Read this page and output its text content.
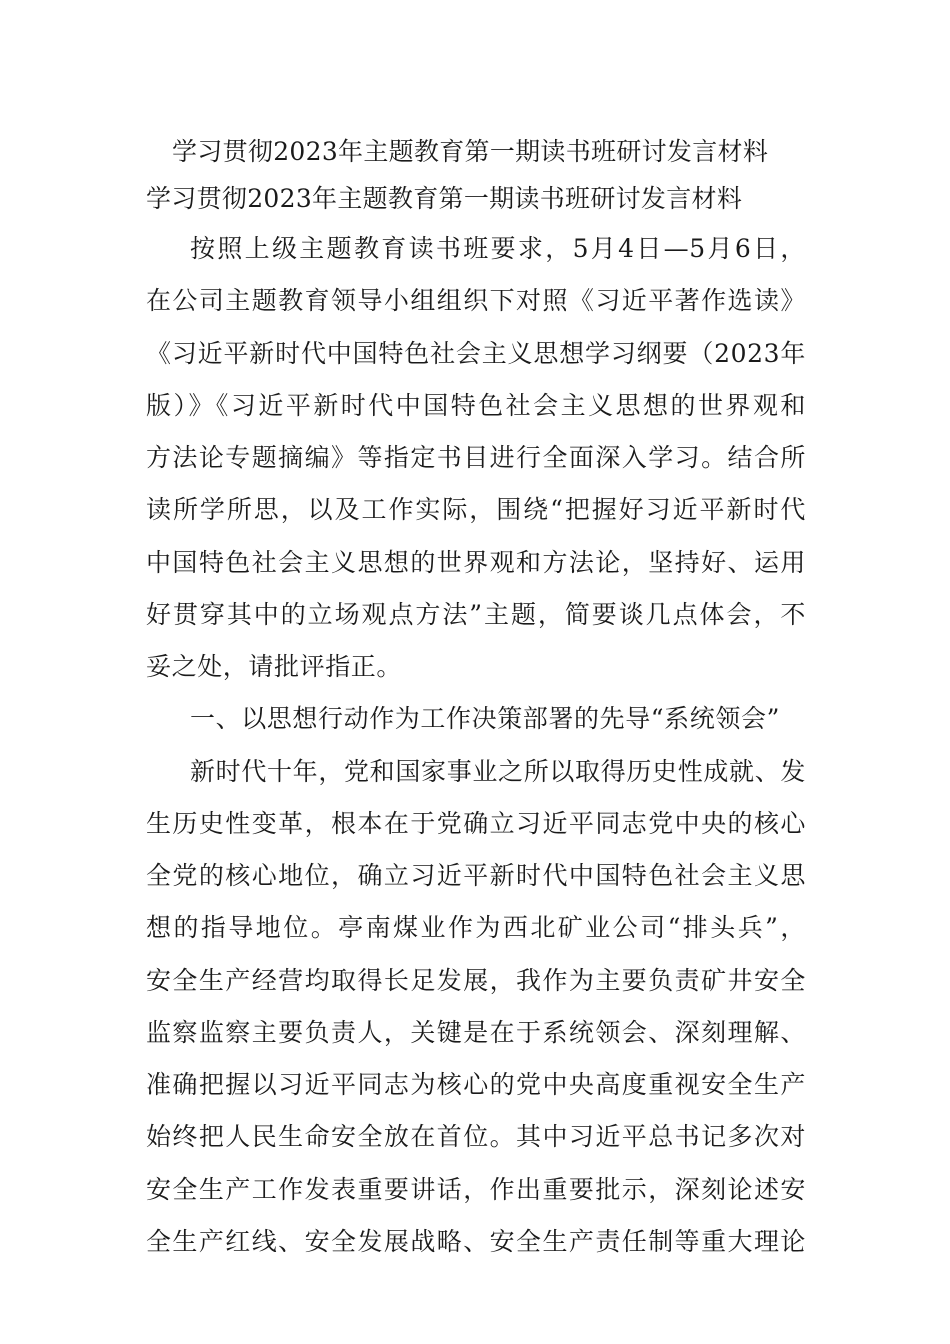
学习贯彻2023年主题教育第一期读书班研讨发言材料
学习贯彻2023年主题教育第一期读书班研讨发言材料
按照上级主题教育读书班要求，5月4日—5月6日，
在公司主题教育领导小组组织下对照《习近平著作选读》
《习近平新时代中国特色社会主义思想学习纲要（2023年
版）》《习近平新时代中国特色社会主义思想的世界观和
方法论专题摘编》等指定书目进行全面深入学习。结合所
读所学所思，以及工作实际，围绕“把握好习近平新时代
中国特色社会主义思想的世界观和方法论，坚持好、运用
好贯穿其中的立场观点方法”主题，简要谈几点体会，不
妥之处，请批评指正。
一、以思想行动作为工作决策部署的先导“系统领会”
新时代十年，党和国家事业之所以取得历史性成就、发
生历史性变革，根本在于党确立习近平同志党中央的核心
全党的核心地位，确立习近平新时代中国特色社会主义思
想的指导地位。亭南煤业作为西北矿业公司“排头兵”，
安全生产经营均取得长足发展，我作为主要负责矿井安全
监察监察主要负责人，关键是在于系统领会、深刻理解、
准确把握以习近平同志为核心的党中央高度重视安全生产
始终把人民生命安全放在首位。其中习近平总书记多次对
安全生产工作发表重要讲话，作出重要批示，深刻论述安
全生产红线、安全发展战略、安全生产责任制等重大理论
